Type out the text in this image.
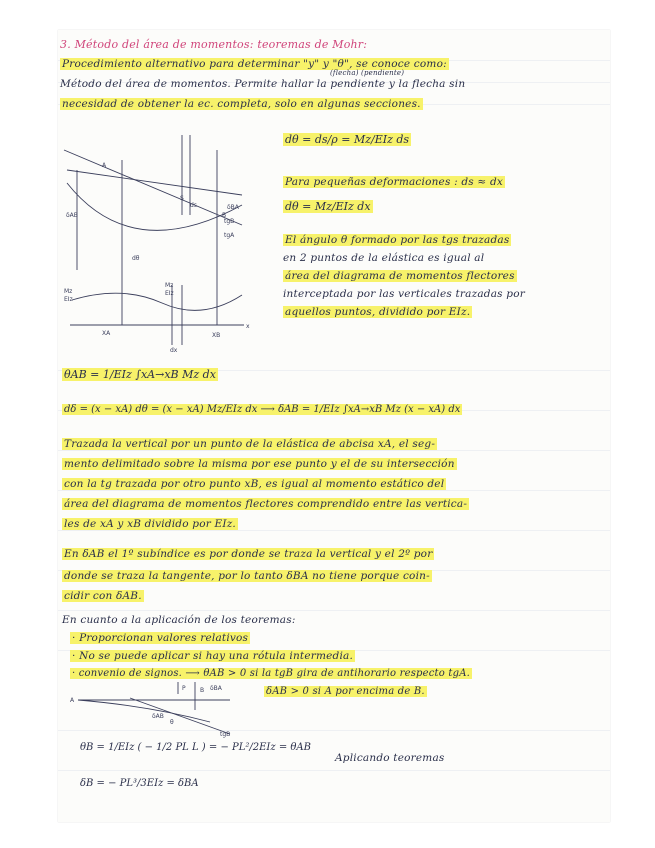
3. Método del área de momentos: teoremas de Mohr:
Procedimiento alternativo para determinar "y" y "θ", se conoce como:
Método del área de momentos. Permite hallar la pendiente y la flecha sin
(flecha) (pendiente)
necesidad de obtener la ec. completa, solo en algunas secciones.
A
B
δAB
δBA
Mz
EIz
Mz
EIz
dθ
x
XA	XB
dx
tgA
tgB
S
ds
dθ = ds/ρ = Mz/EIz ds
Para pequeñas deformaciones : ds ≈ dx
dθ = Mz/EIz dx
El ángulo θ formado por las tgs trazadas
en 2 puntos de la elástica es igual al
área del diagrama de momentos flectores
interceptada por las verticales trazadas por
aquellos puntos, dividido por EIz.
θAB = 1/EIz ∫xA→xB Mz dx
dδ = (x − xA) dθ = (x − xA) Mz/EIz dx ⟶ δAB = 1/EIz ∫xA→xB Mz (x − xA) dx
Trazada la vertical por un punto de la elástica de abcisa xA, el seg-
mento delimitado sobre la misma por ese punto y el de su intersección
con la tg trazada por otro punto xB, es igual al momento estático del
área del diagrama de momentos flectores comprendido entre las vertica-
les de xA y xB dividido por EIz.
En δAB el 1º subíndice es por donde se traza la vertical y el 2º por
donde se traza la tangente, por lo tanto δBA no tiene porque coin-
cidir con δAB.
En cuanto a la aplicación de los teoremas:
· Proporcionan valores relativos
· No se puede aplicar si hay una rótula intermedia.
· convenio de signos. ⟶ θAB > 0 si la tgB gira de antihorario respecto tgA.
δAB > 0 si A por encima de B.
A
P B δBA
δAB
tgB
θ
θB = 1/EIz ( − 1/2 PL L ) = − PL²/2EIz = θAB
δB = − PL³/3EIz = δBA
Aplicando teoremas
